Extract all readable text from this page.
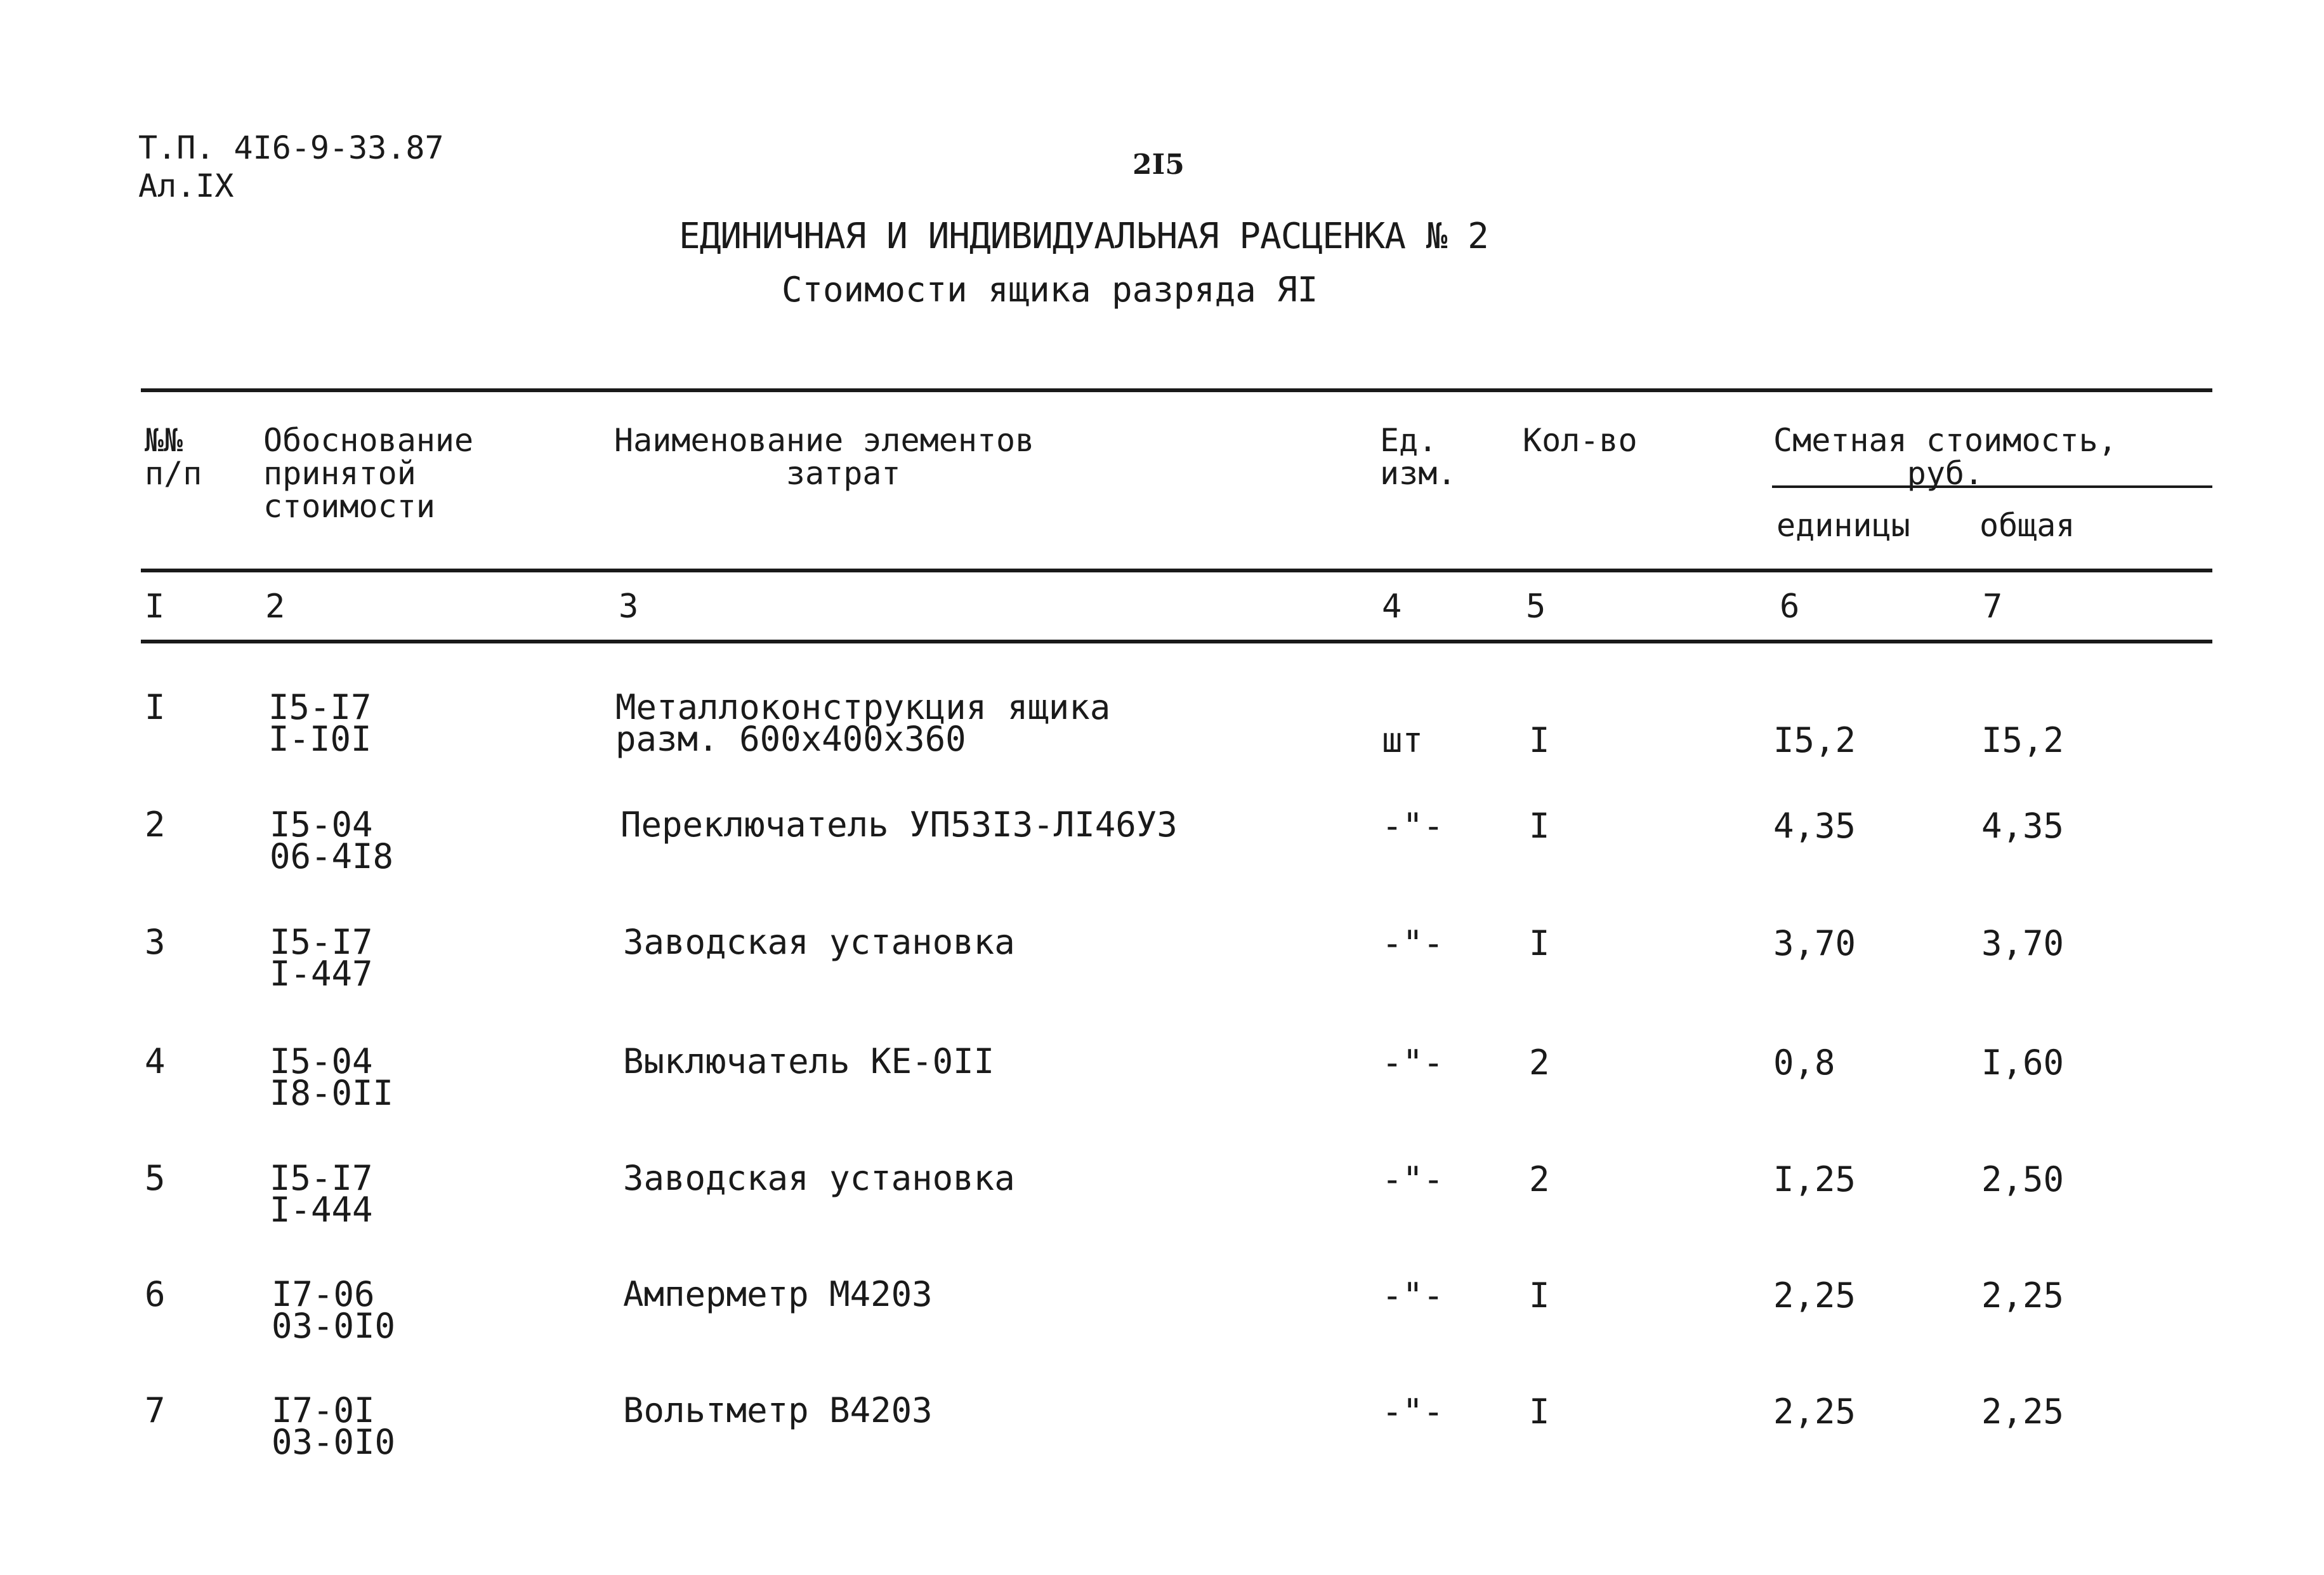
Т.П. 4I6-9-33.87
Ал.IX
2I5
ЕДИНИЧНАЯ И ИНДИВИДУАЛЬНАЯ РАСЦЕНКА № 2
Стоимости ящика разряда ЯI
№№
п/п
Обоснование
принятой
стоимости
Наименование элементов
затрат
Ед.
изм.
Кол-во	Сметная стоимость,
руб.
единицы общая
I	2	3	4	5	6	7
I	I5-I7
I-I0I
Металлоконструкция ящика
разм. 600х400х360	шт	I	I5,2	I5,2
2	I5-04
06-4I8
Переключатель УП53I3-ЛI46У3	-"- I	4,35	4,35
3	I5-I7
I-447
Заводская установка	-"- I	3,70	3,70
4	I5-04
I8-0II
Выключатель КЕ-0II	-"- 2	0,8	I,60
5	I5-I7
I-444
Заводская установка	-"- 2	I,25	2,50
6	I7-06
03-0I0
Амперметр М4203	-"- I	2,25	2,25
7	I7-0I
03-0I0
Вольтметр В4203	-"- I	2,25	2,25
